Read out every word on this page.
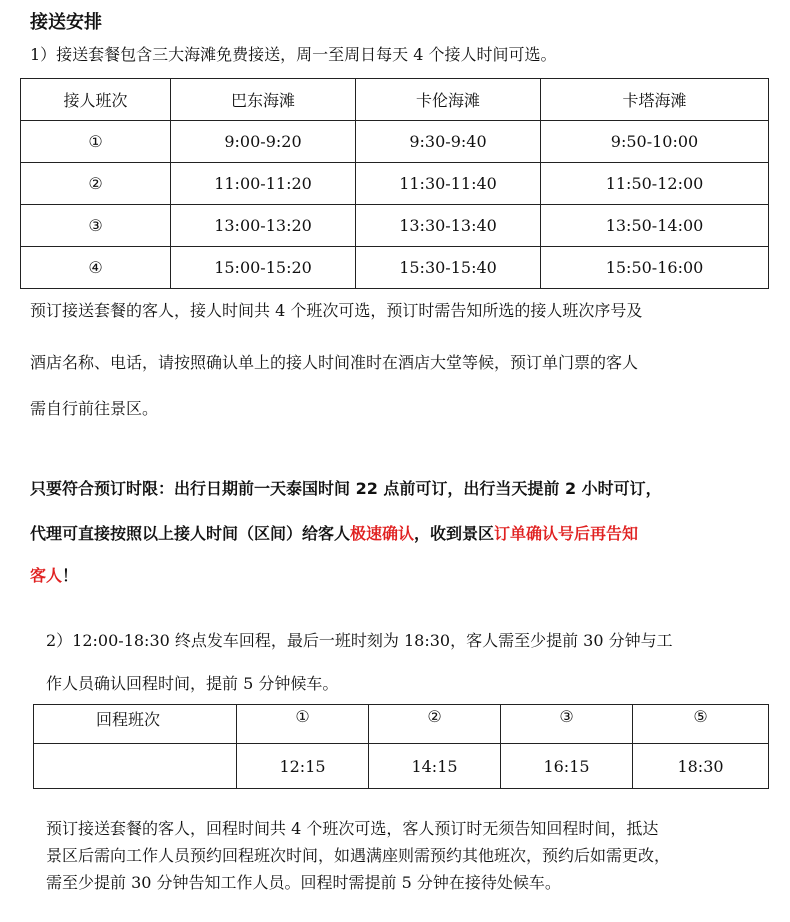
接送安排
1）接送套餐包含三大海滩免费接送，周一至周日每天 4 个接人时间可选。
接人班次	巴东海滩	卡伦海滩	卡塔海滩
①	9:00-9:20	9:30-9:40	9:50-10:00
②	11:00-11:20	11:30-11:40	11:50-12:00
③	13:00-13:20	13:30-13:40	13:50-14:00
④	15:00-15:20	15:30-15:40	15:50-16:00
预订接送套餐的客人，接人时间共 4 个班次可选，预订时需告知所选的接人班次序号及
酒店名称、电话，请按照确认单上的接人时间准时在酒店大堂等候，预订单门票的客人
需自行前往景区。
只要符合预订时限：出行日期前一天泰国时间 22 点前可订，出行当天提前 2 小时可订，
代理可直接按照以上接人时间（区间）给客人极速确认，收到景区订单确认号后再告知
客人！
2）12:00-18:30 终点发车回程，最后一班时刻为 18:30，客人需至少提前 30 分钟与工
作人员确认回程时间，提前 5 分钟候车。
回程班次	①	②	③	⑤
	12:15	14:15	16:15	18:30
预订接送套餐的客人，回程时间共 4 个班次可选，客人预订时无须告知回程时间，抵达
景区后需向工作人员预约回程班次时间，如遇满座则需预约其他班次，预约后如需更改，
需至少提前 30 分钟告知工作人员。回程时需提前 5 分钟在接待处候车。
